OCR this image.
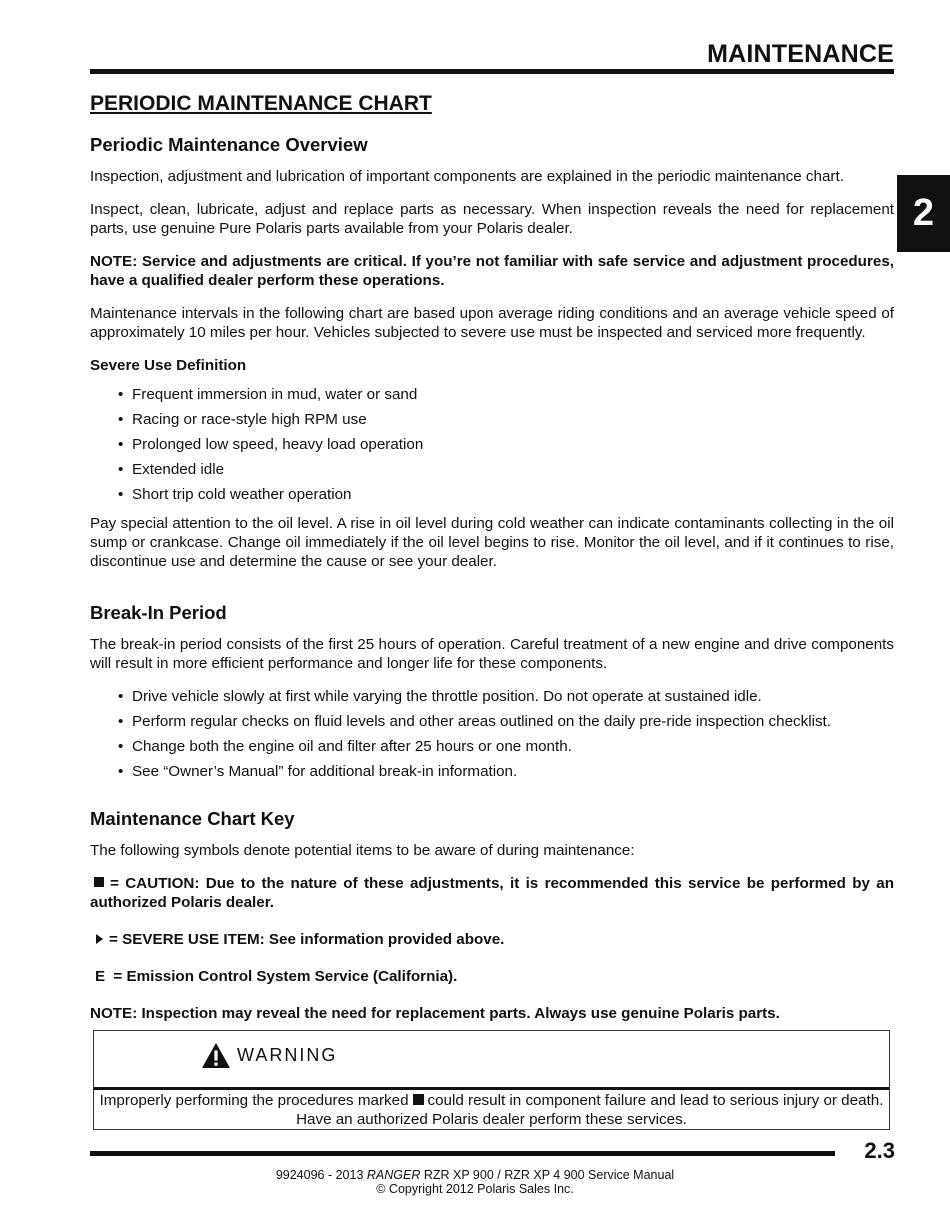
MAINTENANCE
2
PERIODIC MAINTENANCE CHART
Periodic Maintenance Overview

Inspection, adjustment and lubrication of important components are explained in the periodic maintenance chart.

Inspect, clean, lubricate, adjust and replace parts as necessary. When inspection reveals the need for replacement parts, use genuine Pure Polaris parts available from your Polaris dealer.

NOTE: Service and adjustments are critical. If you’re not familiar with safe service and adjustment procedures, have a qualified dealer perform these operations.

Maintenance intervals in the following chart are based upon average riding conditions and an average vehicle speed of approximately 10 miles per hour. Vehicles subjected to severe use must be inspected and serviced more frequently.

Severe Use Definition
• Frequent immersion in mud, water or sand
• Racing or race-style high RPM use
• Prolonged low speed, heavy load operation
• Extended idle
• Short trip cold weather operation

Pay special attention to the oil level. A rise in oil level during cold weather can indicate contaminants collecting in the oil sump or crankcase. Change oil immediately if the oil level begins to rise. Monitor the oil level, and if it continues to rise, discontinue use and determine the cause or see your dealer.

Break-In Period

The break-in period consists of the first 25 hours of operation. Careful treatment of a new engine and drive components will result in more efficient performance and longer life for these components.

• Drive vehicle slowly at first while varying the throttle position. Do not operate at sustained idle.
• Perform regular checks on fluid levels and other areas outlined on the daily pre-ride inspection checklist.
• Change both the engine oil and filter after 25 hours or one month.
• See “Owner’s Manual” for additional break-in information.
Maintenance Chart Key

The following symbols denote potential items to be aware of during maintenance:

= CAUTION: Due to the nature of these adjustments, it is recommended this service be performed by an authorized Polaris dealer.
= SEVERE USE ITEM: See information provided above.
E = Emission Control System Service (California).
NOTE: Inspection may reveal the need for replacement parts. Always use genuine Polaris parts.
WARNING
Improperly performing the procedures marked could result in component failure and lead to serious injury or death.
Have an authorized Polaris dealer perform these services.
2.3
9924096 - 2013 RANGER RZR XP 900 / RZR XP 4 900 Service Manual
© Copyright 2012 Polaris Sales Inc.
